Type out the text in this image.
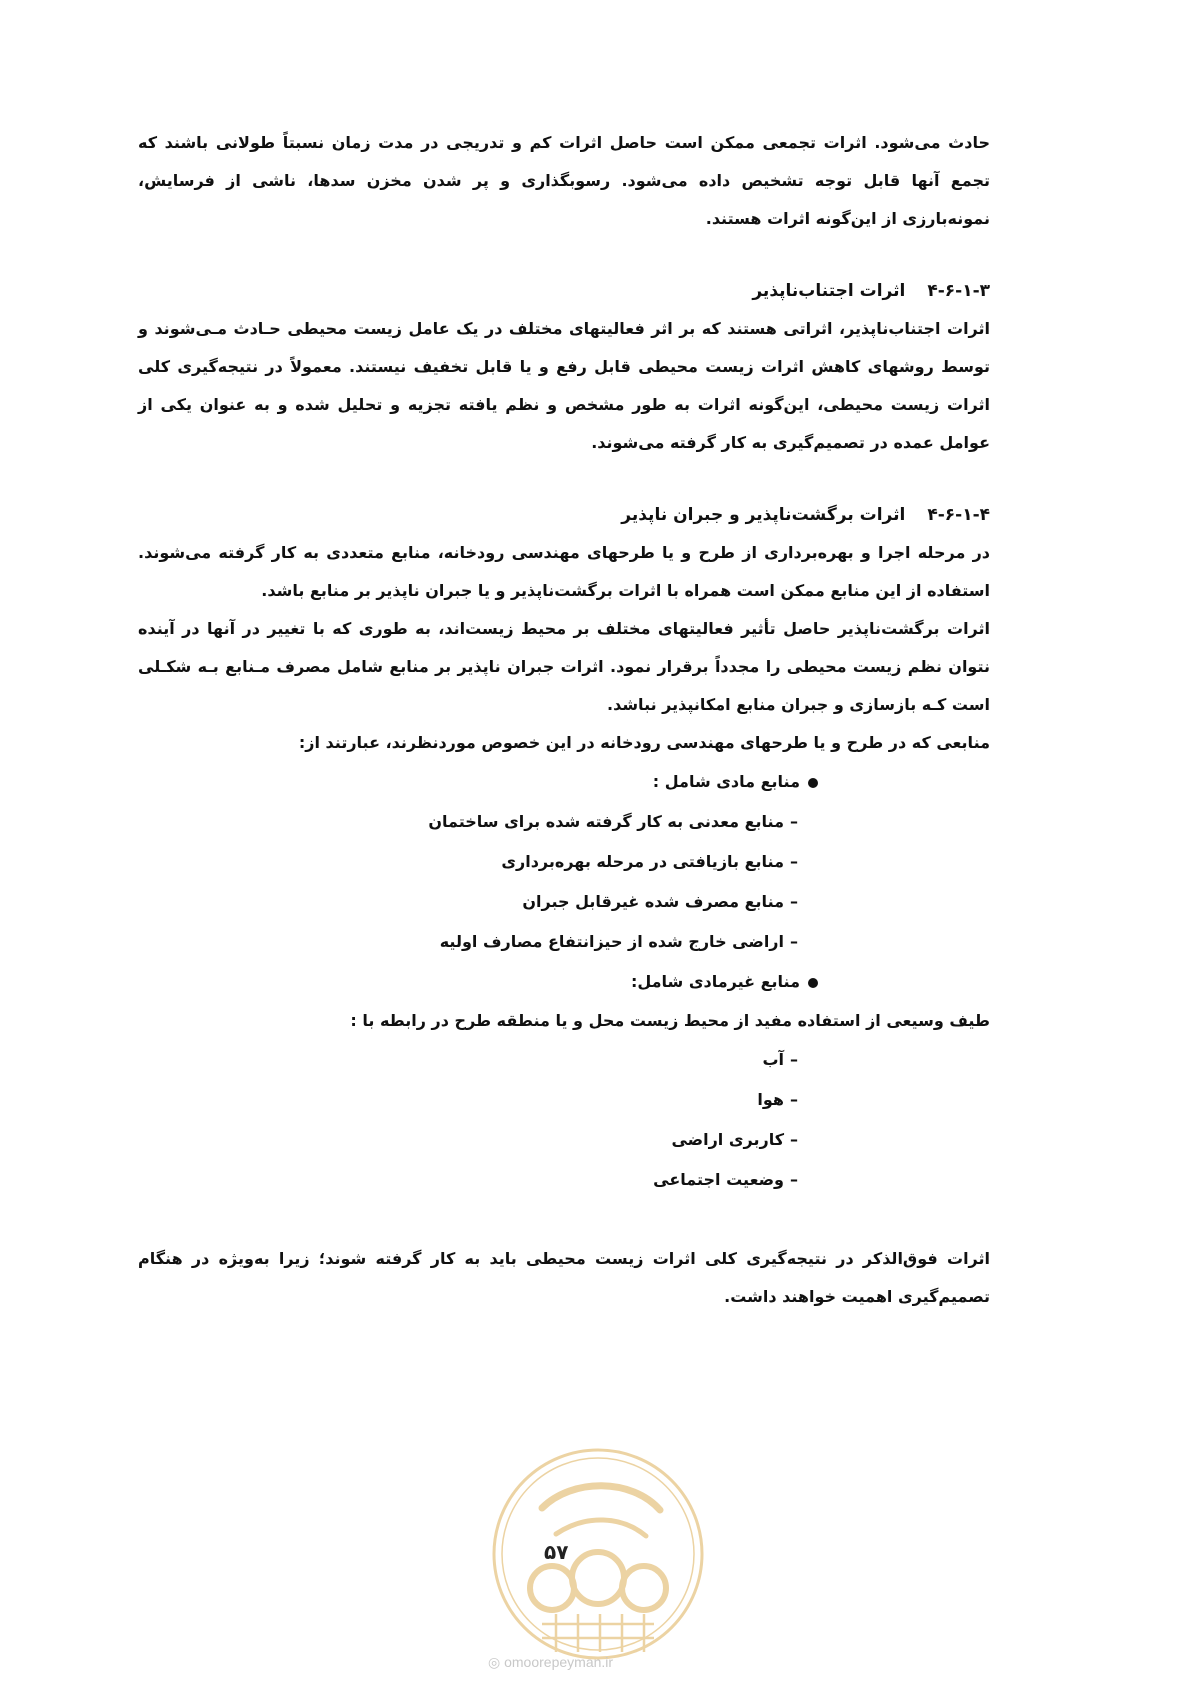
حادث می‌شود. اثرات تجمعی ممکن است حاصل اثرات کم و تدریجی در مدت زمان نسبتاً طولانی باشند که تجمع آنها قابل توجه تشخیص داده می‌شود. رسوبگذاری و پر شدن مخزن سدها، ناشی از فرسایش، نمونه‌بارزی از این‌گونه اثرات هستند.

۴-۶-۱-۳اثرات اجتناب‌ناپذیر

اثرات اجتناب‌ناپذیر، اثراتی هستند که بر اثر فعالیتهای مختلف در یک عامل زیست محیطی حـادث مـی‌شوند و توسط روشهای کاهش اثرات زیست محیطی قابل رفع و یا قابل تخفیف نیستند. معمولاً در نتیجه‌گیری کلی اثرات زیست محیطی، این‌گونه اثرات به طور مشخص و نظم یافته تجزیه و تحلیل شده و به عنوان یکی از عوامل عمده در تصمیم‌گیری به کار گرفته می‌شوند.

۴-۶-۱-۴اثرات برگشت‌ناپذیر و جبران ناپذیر

در مرحله اجرا و بهره‌برداری از طرح و یا طرحهای مهندسی رودخانه، منابع متعددی به کار گرفته می‌شوند. استفاده از این منابع ممکن است همراه با اثرات برگشت‌ناپذیر و یا جبران ناپذیر بر منابع باشد.

اثرات برگشت‌ناپذیر حاصل تأثیر فعالیتهای مختلف بر محیط زیست‌اند، به طوری که با تغییر در آنها در آینده نتوان نظم زیست محیطی را مجدداً برقرار نمود. اثرات جبران ناپذیر بر منابع شامل مصرف مـنابع بـه شکـلی است کـه بازسازی و جبران منابع امکانپذیر نباشد.

منابعی که در طرح و یا طرحهای مهندسی رودخانه در این خصوص موردنظرند، عبارتند از:

منابع مادی شامل :

–منابع معدنی به کار گرفته شده برای ساختمان

–منابع بازیافتی در مرحله بهره‌برداری

–منابع مصرف شده غیرقابل جبران

–اراضی خارج شده از حیزانتفاع مصارف اولیه

منابع غیرمادی شامل:

طیف وسیعی از استفاده مفید از محیط زیست محل و یا منطقه طرح در رابطه با :

–آب

–هوا

–کاربری اراضی

–وضعیت اجتماعی

اثرات فوق‌الذکر در نتیجه‌گیری کلی اثرات زیست محیطی باید به کار گرفته شوند؛ زیرا به‌ویژه در هنگام تصمیم‌گیری اهمیت خواهند داشت.

۵۷
◎ omoorepeyman.ir
